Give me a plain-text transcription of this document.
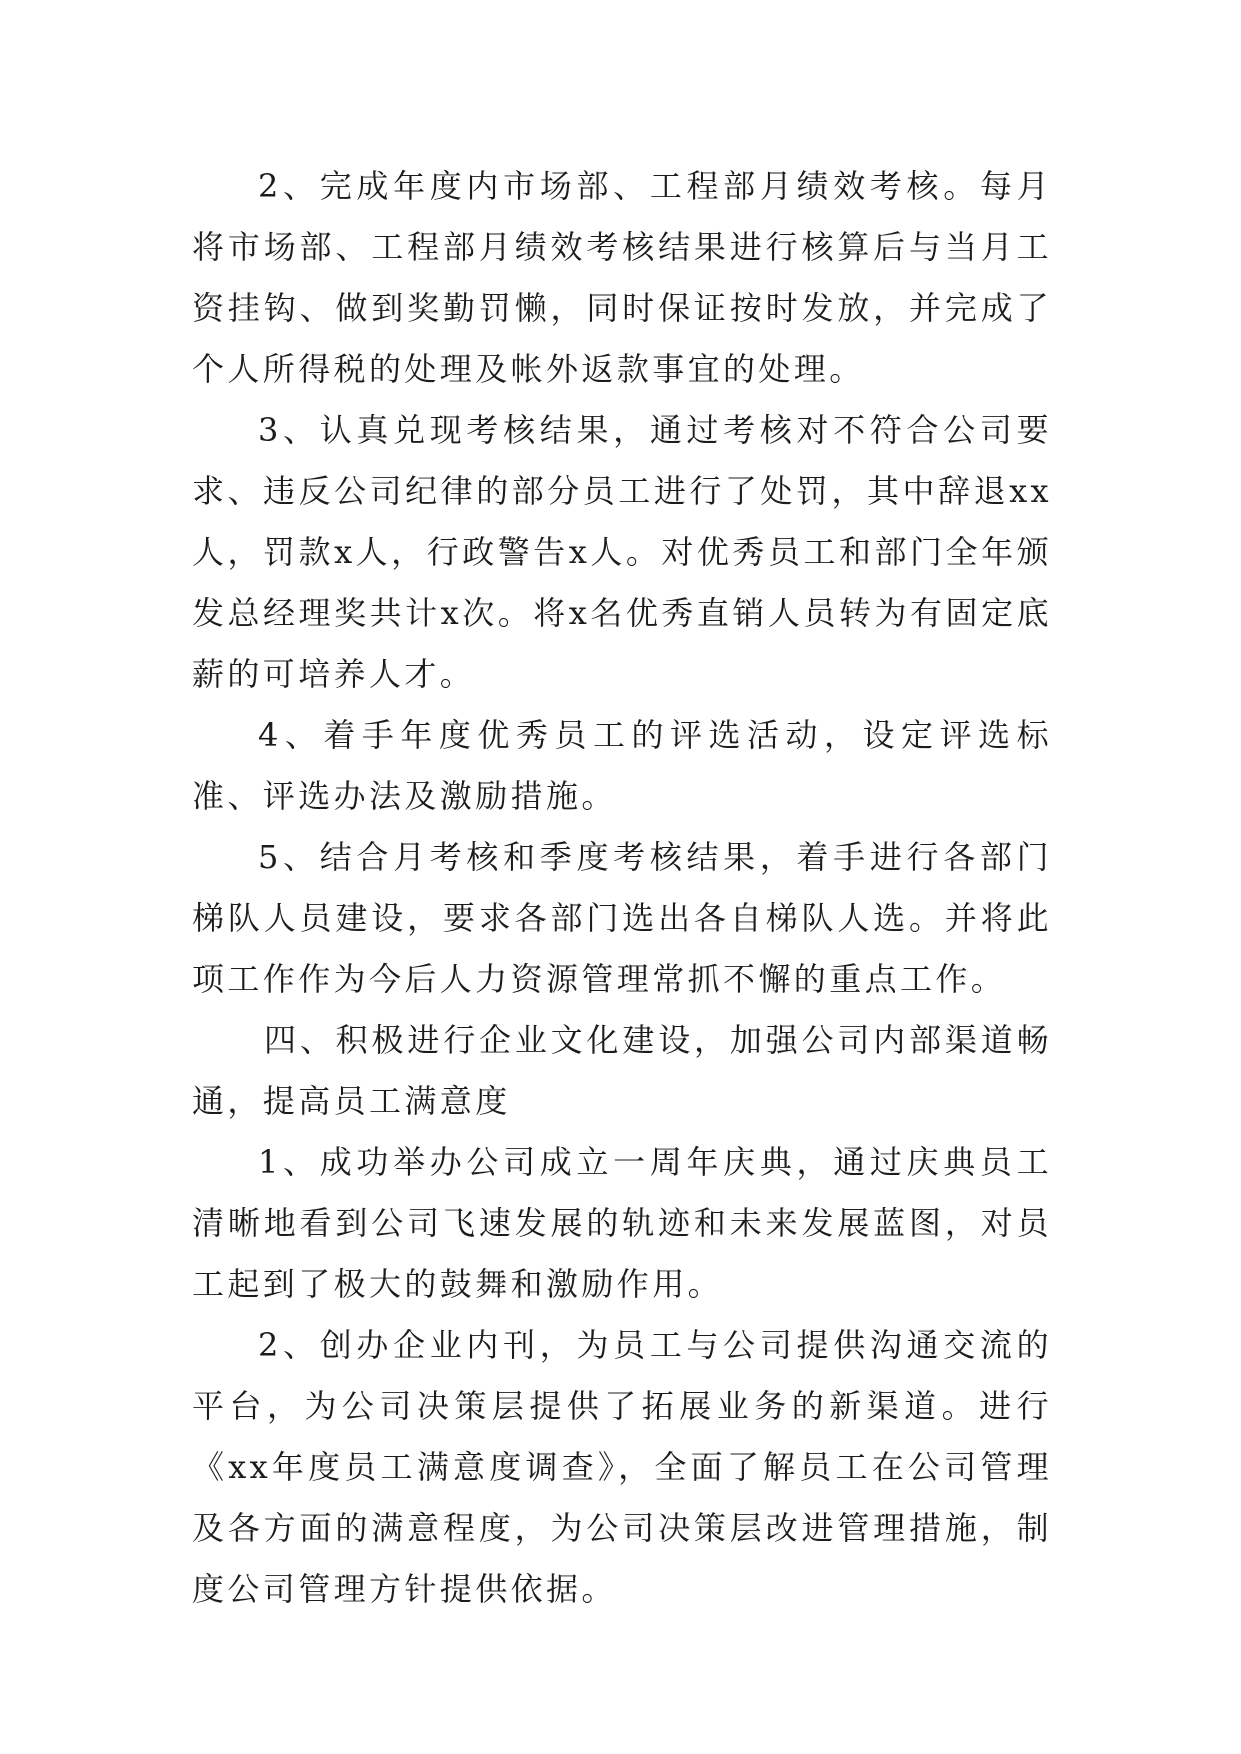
2、完成年度内市场部、工程部月绩效考核。每月将市场部、工程部月绩效考核结果进行核算后与当月工资挂钩、做到奖勤罚懒，同时保证按时发放，并完成了个人所得税的处理及帐外返款事宜的处理。

3、认真兑现考核结果，通过考核对不符合公司要求、违反公司纪律的部分员工进行了处罚，其中辞退xx人，罚款x人，行政警告x人。对优秀员工和部门全年颁发总经理奖共计x次。将x名优秀直销人员转为有固定底薪的可培养人才。

4、着手年度优秀员工的评选活动，设定评选标准、评选办法及激励措施。

5、结合月考核和季度考核结果，着手进行各部门梯队人员建设，要求各部门选出各自梯队人选。并将此项工作作为今后人力资源管理常抓不懈的重点工作。

四、积极进行企业文化建设，加强公司内部渠道畅通，提高员工满意度

1、成功举办公司成立一周年庆典，通过庆典员工清晰地看到公司飞速发展的轨迹和未来发展蓝图，对员工起到了极大的鼓舞和激励作用。

2、创办企业内刊，为员工与公司提供沟通交流的平台，为公司决策层提供了拓展业务的新渠道。进行《xx年度员工满意度调查》，全面了解员工在公司管理及各方面的满意程度，为公司决策层改进管理措施，制度公司管理方针提供依据。
